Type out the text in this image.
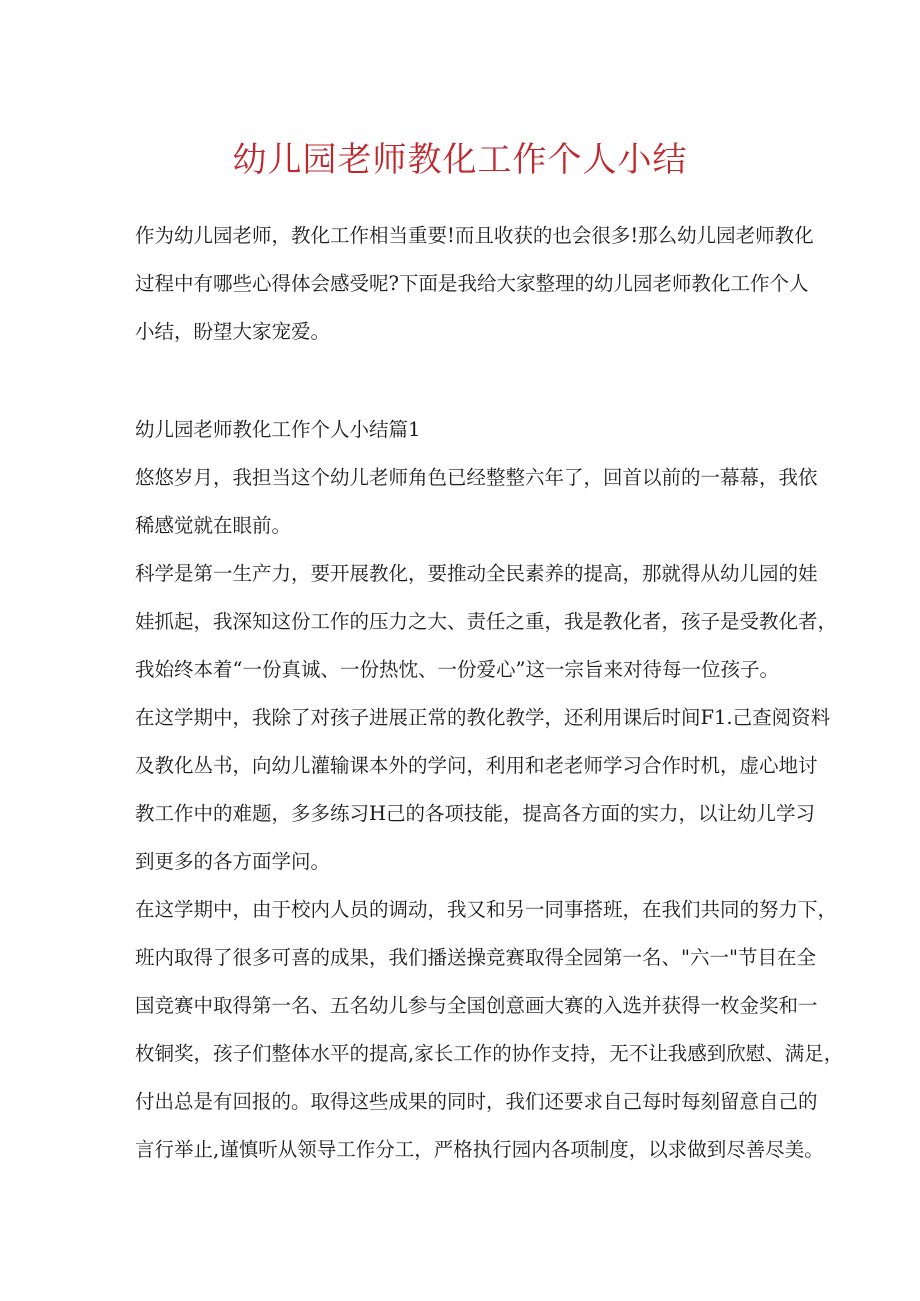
幼儿园老师教化工作个人小结
作为幼儿园老师，教化工作相当重要!而且收获的也会很多!那么幼儿园老师教化
过程中有哪些心得体会感受呢?下面是我给大家整理的幼儿园老师教化工作个人
小结，盼望大家宠爱。
幼儿园老师教化工作个人小结篇1
悠悠岁月，我担当这个幼儿老师角色已经整整六年了，回首以前的一幕幕，我依
稀感觉就在眼前。
科学是第一生产力，要开展教化，要推动全民素养的提高，那就得从幼儿园的娃
娃抓起，我深知这份工作的压力之大、责任之重，我是教化者，孩子是受教化者，
我始终本着“一份真诚、一份热忱、一份爱心”这一宗旨来对待每一位孩子。
在这学期中，我除了对孩子进展正常的教化教学，还利用课后时间F1.己查阅资料
及教化丛书，向幼儿灌输课本外的学问，利用和老老师学习合作时机，虚心地讨
教工作中的难题，多多练习H己的各项技能，提高各方面的实力，以让幼儿学习
到更多的各方面学问。
在这学期中，由于校内人员的调动，我又和另一同事搭班，在我们共同的努力下，
班内取得了很多可喜的成果，我们播送操竞赛取得全园第一名、"六一"节目在全
国竞赛中取得第一名、五名幼儿参与全国创意画大赛的入选并获得一枚金奖和一
枚铜奖，孩子们整体水平的提高,家长工作的协作支持，无不让我感到欣慰、满足，
付出总是有回报的。取得这些成果的同时，我们还要求自己每时每刻留意自己的
言行举止,谨慎听从领导工作分工，严格执行园内各项制度，以求做到尽善尽美。
